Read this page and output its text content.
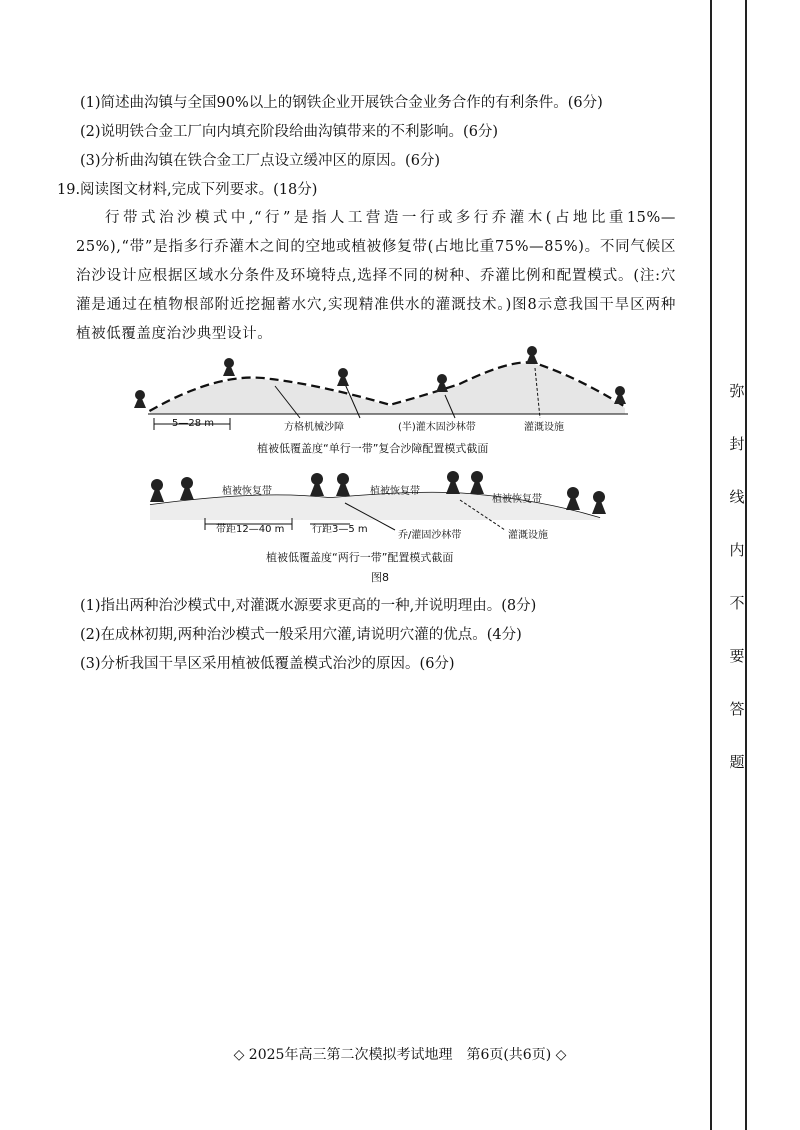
(1)简述曲沟镇与全国90%以上的钢铁企业开展铁合金业务合作的有利条件。(6分)
(2)说明铁合金工厂向内填充阶段给曲沟镇带来的不利影响。(6分)
(3)分析曲沟镇在铁合金工厂点设立缓冲区的原因。(6分)
19.阅读图文材料,完成下列要求。(18分)
行带式治沙模式中,“行”是指人工营造一行或多行乔灌木(占地比重15%—25%),“带”是指多行乔灌木之间的空地或植被修复带(占地比重75%—85%)。不同气候区治沙设计应根据区域水分条件及环境特点,选择不同的树种、乔灌比例和配置模式。(注:穴灌是通过在植物根部附近挖掘蓄水穴,实现精准供水的灌溉技术。)图8示意我国干旱区两种植被低覆盖度治沙典型设计。
5—28 m	方格机械沙障	(半)灌木固沙林带	灌溉设施
植被低覆盖度“单行一带”复合沙障配置模式截面
植被恢复带	植被恢复带
植被恢复带
带距12—40 m	行距3—5 m
乔/灌固沙林带	灌溉设施
植被低覆盖度“两行一带”配置模式截面
图8
(1)指出两种治沙模式中,对灌溉水源要求更高的一种,并说明理由。(8分)
(2)在成林初期,两种治沙模式一般采用穴灌,请说明穴灌的优点。(4分)
(3)分析我国干旱区采用植被低覆盖模式治沙的原因。(6分)
弥
封
线
内
不
要
答
题
◇ 2025年高三第二次模拟考试地理　第6页(共6页) ◇
